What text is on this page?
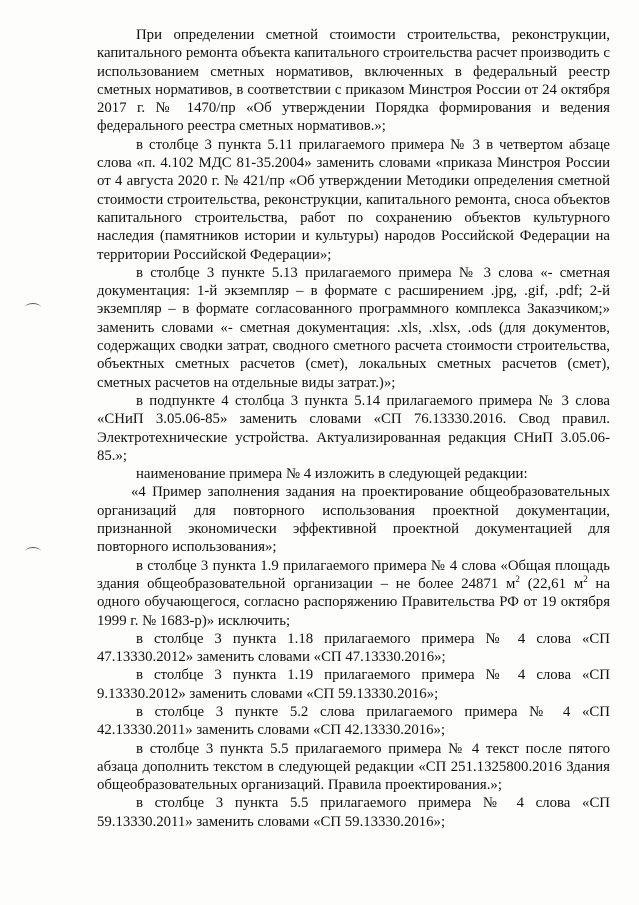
При определении сметной стоимости строительства, реконструкции, капитального ремонта объекта капитального строительства расчет производить с использованием сметных нормативов, включенных в федеральный реестр сметных нормативов, в соответствии с приказом Минстроя России от 24 октября 2017 г. № 1470/пр «Об утверждении Порядка формирования и ведения федерального реестра сметных нормативов.»;

в столбце 3 пункта 5.11 прилагаемого примера № 3 в четвертом абзаце слова «п. 4.102 МДС 81-35.2004» заменить словами «приказа Минстроя России от 4 августа 2020 г. № 421/пр «Об утверждении Методики определения сметной стоимости строительства, реконструкции, капитального ремонта, сноса объектов капитального строительства, работ по сохранению объектов культурного наследия (памятников истории и культуры) народов Российской Федерации на территории Российской Федерации»;

в столбце 3 пункте 5.13 прилагаемого примера № 3 слова «- сметная документация: 1-й экземпляр – в формате с расширением .jpg, .gif, .pdf; 2-й экземпляр – в формате согласованного программного комплекса Заказчиком;» заменить словами «- сметная документация: .xls, .xlsx, .ods (для документов, содержащих сводки затрат, сводного сметного расчета стоимости строительства, объектных сметных расчетов (смет), локальных сметных расчетов (смет), сметных расчетов на отдельные виды затрат.)»;

в подпункте 4 столбца 3 пункта 5.14 прилагаемого примера № 3 слова «СНиП 3.05.06-85» заменить словами «СП 76.13330.2016. Свод правил. Электротехнические устройства. Актуализированная редакция СНиП 3.05.06-85.»;

наименование примера № 4 изложить в следующей редакции:

«4 Пример заполнения задания на проектирование общеобразовательных организаций для повторного использования проектной документации, признанной экономически эффективной проектной документацией для повторного использования»;

в столбце 3 пункта 1.9 прилагаемого примера № 4 слова «Общая площадь здания общеобразовательной организации – не более 24871 $м^2$ (22,61 $м^2$ на одного обучающегося, согласно распоряжению Правительства РФ от 19 октября 1999 г. № 1683-р)» исключить;

в столбце 3 пункта 1.18 прилагаемого примера № 4 слова «СП 47.13330.2012» заменить словами «СП 47.13330.2016»;

в столбце 3 пункта 1.19 прилагаемого примера № 4 слова «СП 9.13330.2012» заменить словами «СП 59.13330.2016»;

в столбце 3 пункте 5.2 слова прилагаемого примера № 4 «СП 42.13330.2011» заменить словами «СП 42.13330.2016»;

в столбце 3 пункта 5.5 прилагаемого примера № 4 текст после пятого абзаца дополнить текстом в следующей редакции «СП 251.1325800.2016 Здания общеобразовательных организаций. Правила проектирования.»;

в столбце 3 пункта 5.5 прилагаемого примера № 4 слова «СП 59.13330.2011» заменить словами «СП 59.13330.2016»;
